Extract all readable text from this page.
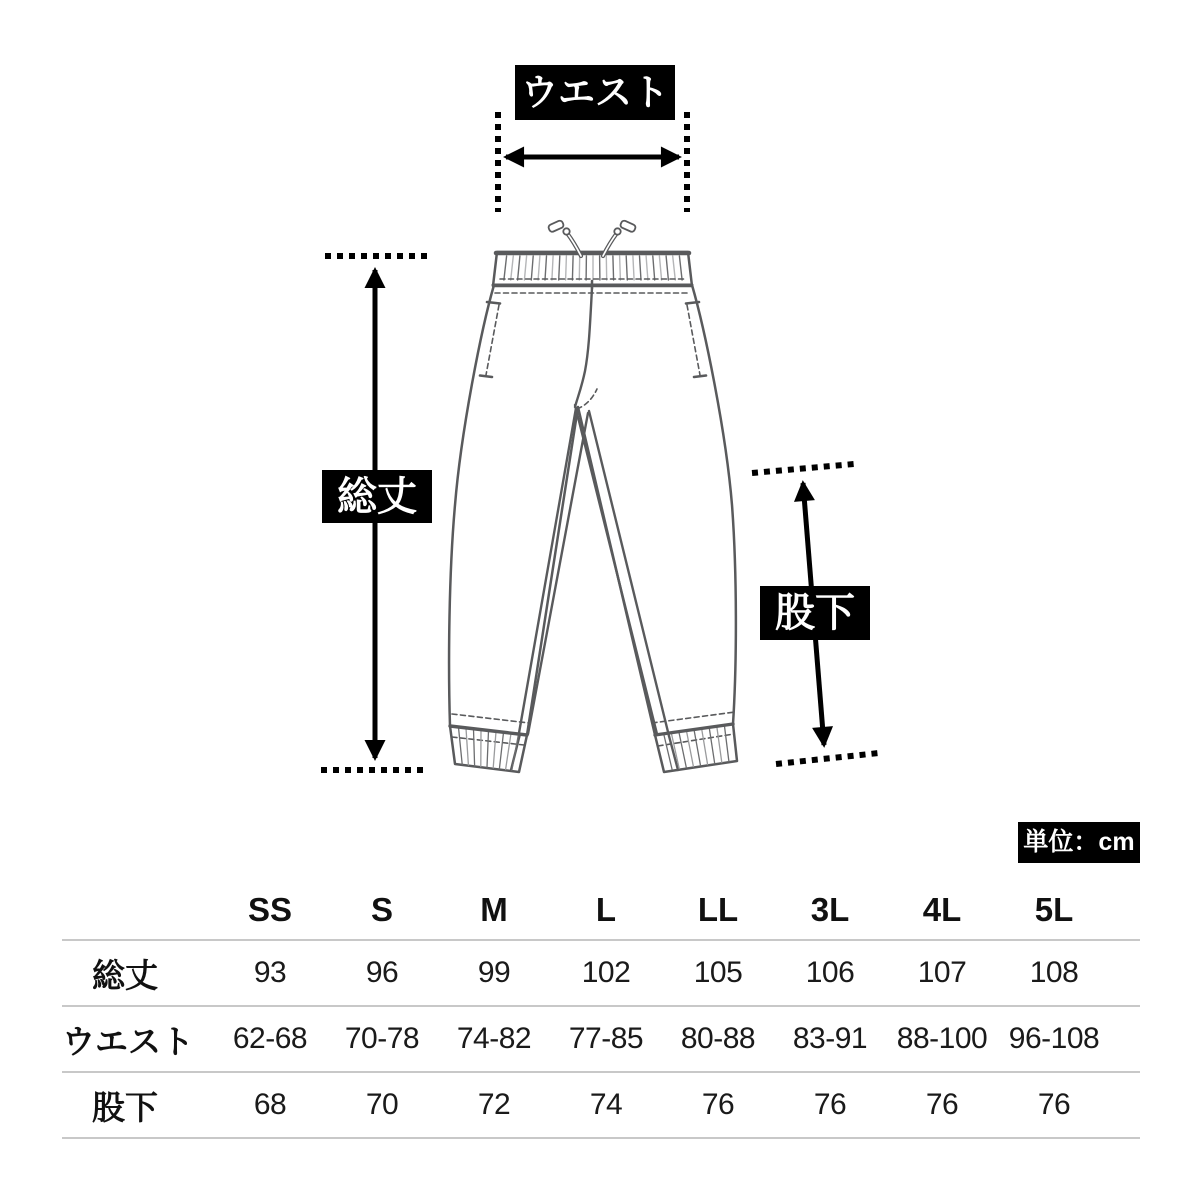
ウエスト
総丈
股下
単位：cm
SS	S	M	L	LL	3L	4L	5L
総丈	93	96	99	102	105	106	107	108
ウエスト	62-68	70-78	74-82	77-85	80-88	83-91 88-100 96-108
股下	68	70	72	74	76	76	76	76
